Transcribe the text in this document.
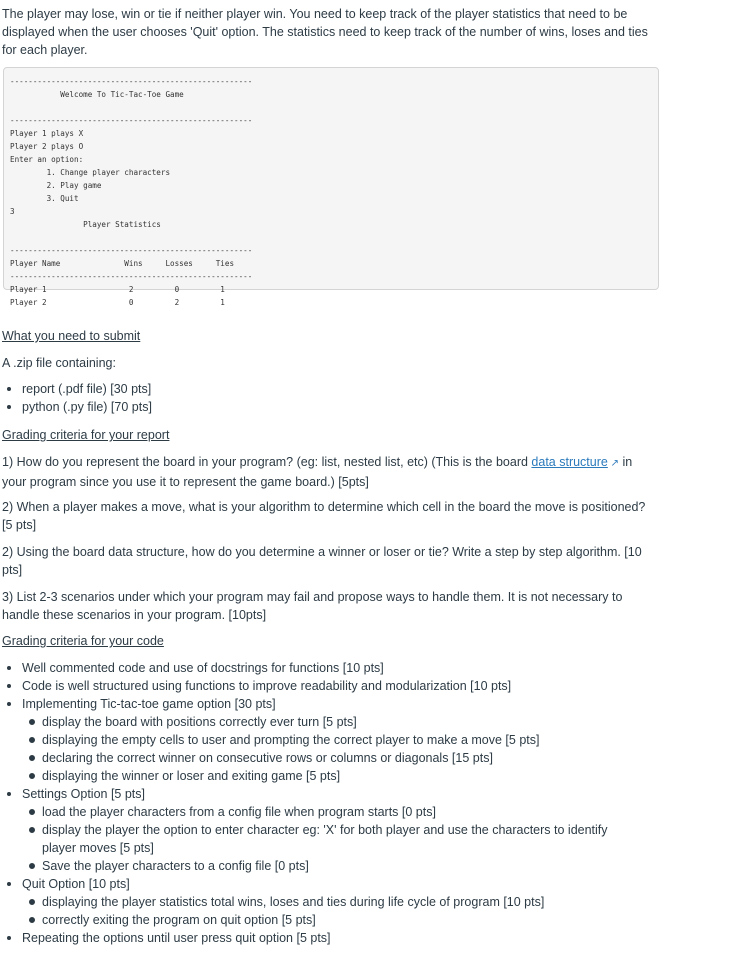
The player may lose, win or tie if neither player win. You need to keep track of the player statistics that need to be displayed when the user chooses 'Quit' option. The statistics need to keep track of the number of wins, loses and ties for each player.

-----------------------------------------------------
Welcome To Tic-Tac-Toe Game

-----------------------------------------------------
Player 1 plays X
Player 2 plays O
Enter an option:
1. Change player characters
2. Play game
3. Quit
3
Player Statistics

-----------------------------------------------------
Player Name              Wins     Losses     Ties
-----------------------------------------------------
Player 1                  2         0         1
Player 2                  0         2         1
What you need to submit

A .zip file containing:

report (.pdf file) [30 pts]
python (.py file) [70 pts]
Grading criteria for your report

1) How do you represent the board in your program? (eg: list, nested list, etc) (This is the board data structure ↗ in your program since you use it to represent the game board.) [5pts]

2) When a player makes a move, what is your algorithm to determine which cell in the board the move is positioned? [5 pts]

2) Using the board data structure, how do you determine a winner or loser or tie? Write a step by step algorithm. [10 pts]

3) List 2-3 scenarios under which your program may fail and propose ways to handle them. It is not necessary to handle these scenarios in your program. [10pts]

Grading criteria for your code
Well commented code and use of docstrings for functions [10 pts]
Code is well structured using functions to improve readability and modularization [10 pts]
Implementing Tic-tac-toe game option [30 pts]
display the board with positions correctly ever turn [5 pts]
displaying the empty cells to user and prompting the correct player to make a move [5 pts]
declaring the correct winner on consecutive rows or columns or diagonals [15 pts]
displaying the winner or loser and exiting game [5 pts]
Settings Option [5 pts]
load the player characters from a config file when program starts [0 pts]
display the player the option to enter character eg: 'X' for both player and use the characters to identify player moves [5 pts]
Save the player characters to a config file [0 pts]
Quit Option [10 pts]
displaying the player statistics total wins, loses and ties during life cycle of program [10 pts]
correctly exiting the program on quit option [5 pts]
Repeating the options until user press quit option [5 pts]
